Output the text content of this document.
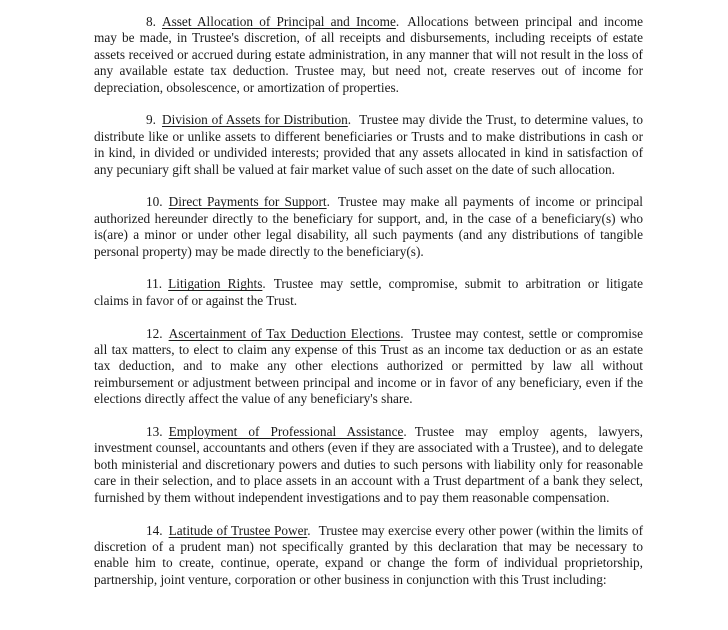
8. Asset Allocation of Principal and Income. Allocations between principal and income may be made, in Trustee's discretion, of all receipts and disbursements, including receipts of estate assets received or accrued during estate administration, in any manner that will not result in the loss of any available estate tax deduction. Trustee may, but need not, create reserves out of income for depreciation, obsolescence, or amortization of properties.

9. Division of Assets for Distribution. Trustee may divide the Trust, to determine values, to distribute like or unlike assets to different beneficiaries or Trusts and to make distributions in cash or in kind, in divided or undivided interests; provided that any assets allocated in kind in satisfaction of any pecuniary gift shall be valued at fair market value of such asset on the date of such allocation.

10. Direct Payments for Support. Trustee may make all payments of income or principal authorized hereunder directly to the beneficiary for support, and, in the case of a beneficiary(s) who is(are) a minor or under other legal disability, all such payments (and any distributions of tangible personal property) may be made directly to the beneficiary(s).

11. Litigation Rights. Trustee may settle, compromise, submit to arbitration or litigate claims in favor of or against the Trust.

12. Ascertainment of Tax Deduction Elections. Trustee may contest, settle or compromise all tax matters, to elect to claim any expense of this Trust as an income tax deduction or as an estate tax deduction, and to make any other elections authorized or permitted by law all without reimbursement or adjustment between principal and income or in favor of any beneficiary, even if the elections directly affect the value of any beneficiary's share.

13. Employment of Professional Assistance. Trustee may employ agents, lawyers, investment counsel, accountants and others (even if they are associated with a Trustee), and to delegate both ministerial and discretionary powers and duties to such persons with liability only for reasonable care in their selection, and to place assets in an account with a Trust department of a bank they select, furnished by them without independent investigations and to pay them reasonable compensation.

14. Latitude of Trustee Power. Trustee may exercise every other power (within the limits of discretion of a prudent man) not specifically granted by this declaration that may be necessary to enable him to create, continue, operate, expand or change the form of individual proprietorship, partnership, joint venture, corporation or other business in conjunction with this Trust including:
